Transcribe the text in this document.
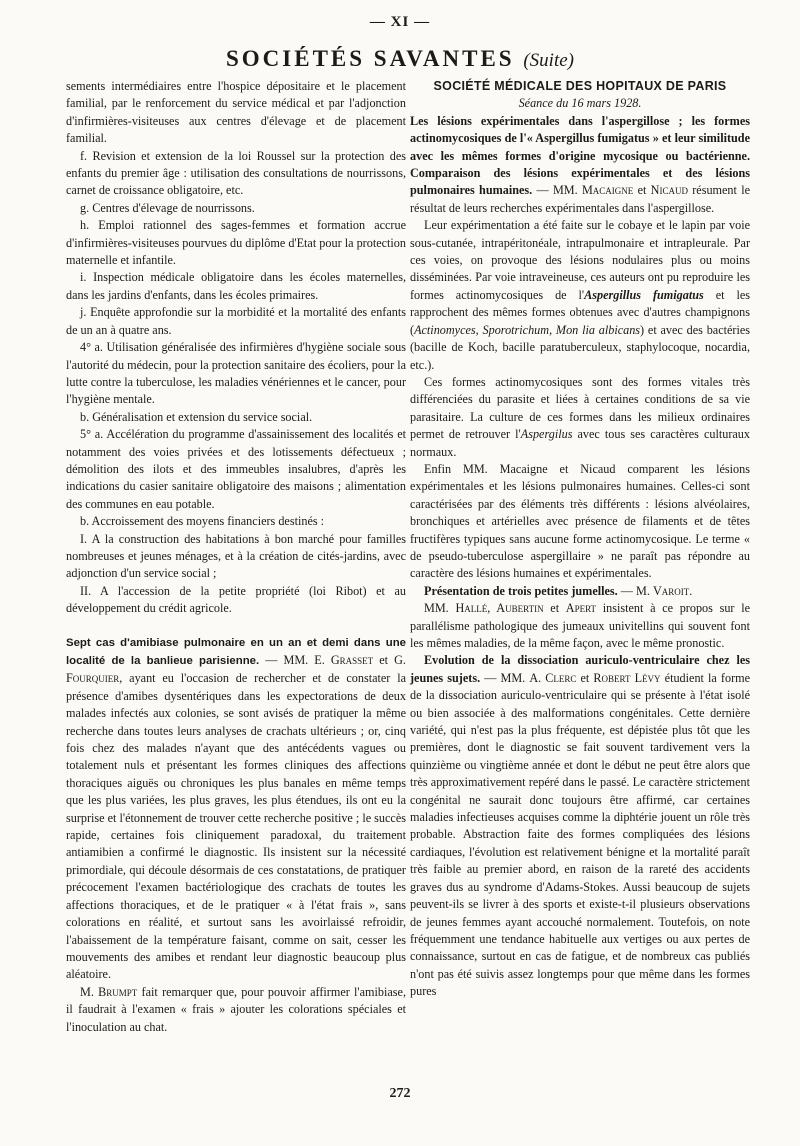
— XI —
SOCIÉTÉS SAVANTES (Suite)

sements intermédiaires entre l'hospice dépositaire et le placement familial, par le renforcement du service médical et par l'adjonction d'infirmières-visiteuses aux centres d'élevage et de placement familial.

f. Revision et extension de la loi Roussel sur la protection des enfants du premier âge : utilisation des consultations de nourrissons, carnet de croissance obligatoire, etc.

g. Centres d'élevage de nourrissons.

h. Emploi rationnel des sages-femmes et formation accrue d'infirmières-visiteuses pourvues du diplôme d'Etat pour la protection maternelle et infantile.

i. Inspection médicale obligatoire dans les écoles maternelles, dans les jardins d'enfants, dans les écoles primaires.

j. Enquête approfondie sur la morbidité et la mortalité des enfants de un an à quatre ans.

4° a. Utilisation généralisée des infirmières d'hygiène sociale sous l'autorité du médecin, pour la protection sanitaire des écoliers, pour la lutte contre la tuberculose, les maladies vénériennes et le cancer, pour l'hygiène mentale.

b. Généralisation et extension du service social.

5° a. Accélération du programme d'assainissement des localités et notamment des voies privées et des lotissements défectueux ; démolition des ilots et des immeubles insalubres, d'après les indications du casier sanitaire obligatoire des maisons ; alimentation des communes en eau potable.

b. Accroissement des moyens financiers destinés :

I. A la construction des habitations à bon marché pour familles nombreuses et jeunes ménages, et à la création de cités-jardins, avec adjonction d'un service social ;

II. A l'accession de la petite propriété (loi Ribot) et au développement du crédit agricole.

Sept cas d'amibiase pulmonaire en un an et demi dans une localité de la banlieue parisienne. — MM. E. Grasset et G. Fourquier, ayant eu l'occasion de rechercher et de constater la présence d'amibes dysentériques dans les expectorations de deux malades infectés aux colonies, se sont avisés de pratiquer la même recherche dans toutes leurs analyses de crachats ultérieurs ; or, cinq fois chez des malades n'ayant que des antécédents vagues ou totalement nuls et présentant les formes cliniques des affections thoraciques aiguës ou chroniques les plus banales en même temps que les plus variées, les plus graves, les plus étendues, ils ont eu la surprise et l'étonnement de trouver cette recherche positive ; le succès rapide, certaines fois cliniquement paradoxal, du traitement antiamibien a confirmé le diagnostic. Ils insistent sur la nécessité primordiale, qui découle désormais de ces constatations, de pratiquer précocement l'examen bactériologique des crachats de toutes les affections thoraciques, et de le pratiquer « à l'état frais », sans colorations en réalité, et surtout sans les avoirlaissé refroidir, l'abaissement de la température faisant, comme on sait, cesser les mouvements des amibes et rendant leur diagnostic beaucoup plus aléatoire.

M. Brumpt fait remarquer que, pour pouvoir affirmer l'amibiase, il faudrait à l'examen « frais » ajouter les colorations spéciales et l'inoculation au chat.

SOCIÉTÉ MÉDICALE DES HOPITAUX DE PARIS

Séance du 16 mars 1928.

Les lésions expérimentales dans l'aspergillose ; les formes actinomycosiques de l'« Aspergillus fumigatus » et leur similitude avec les mêmes formes d'origine mycosique ou bactérienne. Comparaison des lésions expérimentales et des lésions pulmonaires humaines. — MM. Macaigne et Nicaud résument le résultat de leurs recherches expérimentales dans l'aspergillose.

Leur expérimentation a été faite sur le cobaye et le lapin par voie sous-cutanée, intrapéritonéale, intrapulmonaire et intrapleurale. Par ces voies, on provoque des lésions nodulaires plus ou moins disséminées. Par voie intraveineuse, ces auteurs ont pu reproduire les formes actinomycosiques de l'Aspergillus fumigatus et les rapprochent des mêmes formes obtenues avec d'autres champignons (Actinomyces, Sporotrichum, Mon lia albicans) et avec des bactéries (bacille de Koch, bacille paratuberculeux, staphylocoque, nocardia, etc.).

Ces formes actinomycosiques sont des formes vitales très différenciées du parasite et liées à certaines conditions de sa vie parasitaire. La culture de ces formes dans les milieux ordinaires permet de retrouver l'Aspergilus avec tous ses caractères culturaux normaux.

Enfin MM. Macaigne et Nicaud comparent les lésions expérimentales et les lésions pulmonaires humaines. Celles-ci sont caractérisées par des éléments très différents : lésions alvéolaires, bronchiques et artérielles avec présence de filaments et de têtes fructifères typiques sans aucune forme actinomycosique. Le terme « de pseudo-tuberculose aspergillaire » ne paraît pas répondre au caractère des lésions humaines et expérimentales.

Présentation de trois petites jumelles. — M. Varoit.

MM. Hallé, Aubertin et Apert insistent à ce propos sur le parallélisme pathologique des jumeaux univitellins qui souvent font les mêmes maladies, de la même façon, avec le même pronostic.

Evolution de la dissociation auriculo-ventriculaire chez les jeunes sujets. — MM. A. Clerc et Robert Lévy étudient la forme de la dissociation auriculo-ventriculaire qui se présente à l'état isolé ou bien associée à des malformations congénitales. Cette dernière variété, qui n'est pas la plus fréquente, est dépistée plus tôt que les premières, dont le diagnostic se fait souvent tardivement vers la quinzième ou vingtième année et dont le début ne peut être alors que très approximativement repéré dans le passé. Le caractère strictement congénital ne saurait donc toujours être affirmé, car certaines maladies infectieuses acquises comme la diphtérie jouent un rôle très probable. Abstraction faite des formes compliquées des lésions cardiaques, l'évolution est relativement bénigne et la mortalité paraît très faible au premier abord, en raison de la rareté des accidents graves dus au syndrome d'Adams-Stokes. Aussi beaucoup de sujets peuvent-ils se livrer à des sports et existe-t-il plusieurs observations de jeunes femmes ayant accouché normalement. Toutefois, on note fréquemment une tendance habituelle aux vertiges ou aux pertes de connaissance, surtout en cas de fatigue, et de nombreux cas publiés n'ont pas été suivis assez longtemps pour que même dans les formes pures

272
